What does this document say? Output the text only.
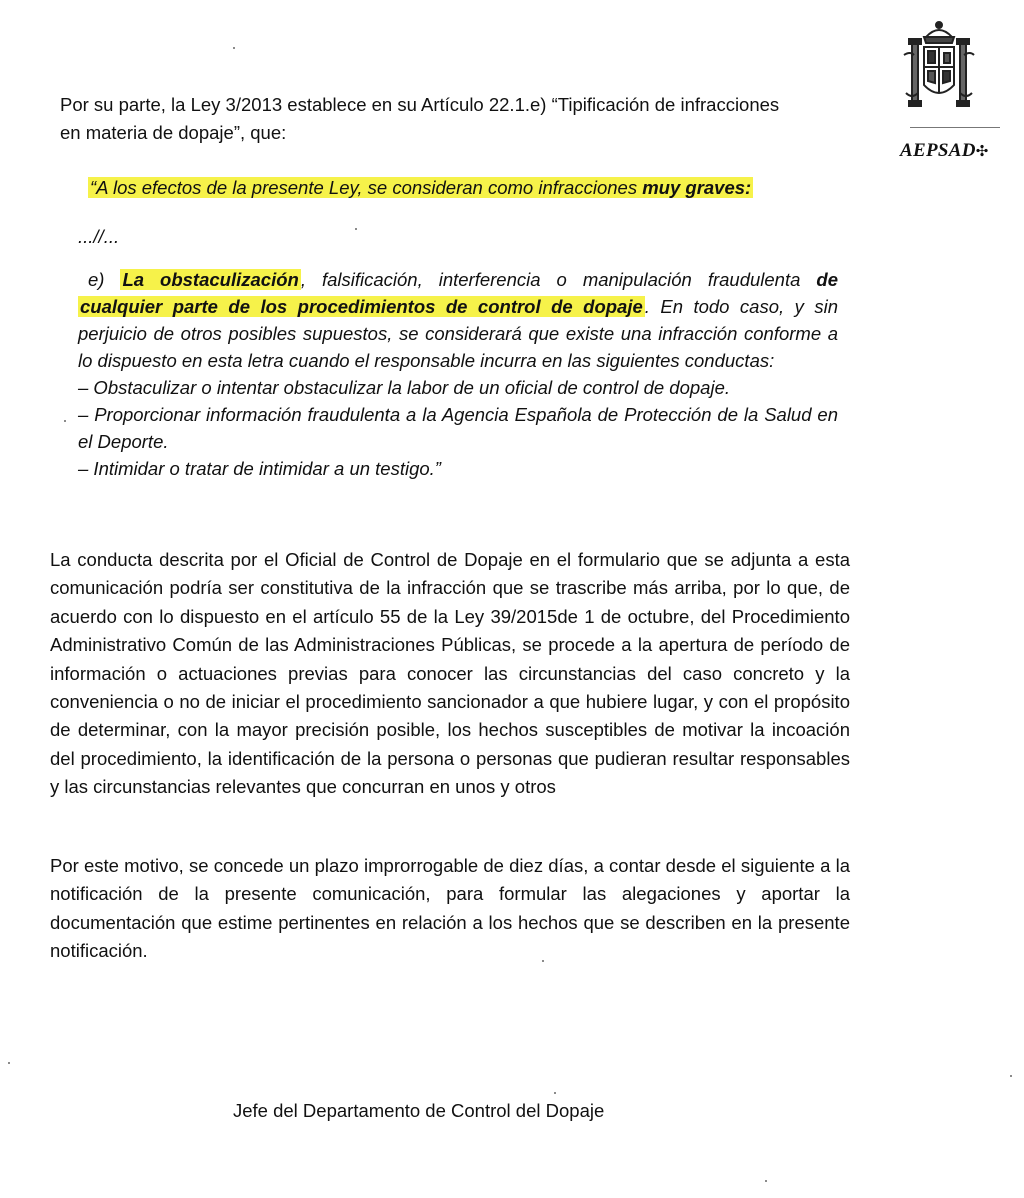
AEPSAD✣
Por su parte, la Ley 3/2013 establece en su Artículo 22.1.e) “Tipificación de infracciones
en materia de dopaje”, que:
“A los efectos de la presente Ley, se consideran como infracciones muy graves:
...//...

e) La obstaculización , falsificación, interferencia o manipulación fraudulenta de cualquier parte de los procedimientos de control de dopaje . En todo caso, y sin perjuicio de otros posibles supuestos, se considerará que existe una infracción conforme a lo dispuesto en esta letra cuando el responsable incurra en las siguientes conductas:

– Obstaculizar o intentar obstaculizar la labor de un oficial de control de dopaje.

– Proporcionar información fraudulenta a la Agencia Española de Protección de la Salud en el Deporte.

– Intimidar o tratar de intimidar a un testigo.”

La conducta descrita por el Oficial de Control de Dopaje en el formulario que se adjunta a esta comunicación podría ser constitutiva de la infracción que se trascribe más arriba, por lo que, de acuerdo con lo dispuesto en el artículo 55 de la Ley 39/2015de 1 de octubre, del Procedimiento Administrativo Común de las Administraciones Públicas, se procede a la apertura de período de información o actuaciones previas para conocer las circunstancias del caso concreto y la conveniencia o no de iniciar el procedimiento sancionador a que hubiere lugar, y con el propósito de determinar, con la mayor precisión posible, los hechos susceptibles de motivar la incoación del procedimiento, la identificación de la persona o personas que pudieran resultar responsables y las circunstancias relevantes que concurran en unos y otros
Por este motivo, se concede un plazo improrrogable de diez días, a contar desde el siguiente a la notificación de la presente comunicación, para formular las alegaciones y aportar la documentación que estime pertinentes en relación a los hechos que se describen en la presente notificación.
Jefe del Departamento de Control del Dopaje
